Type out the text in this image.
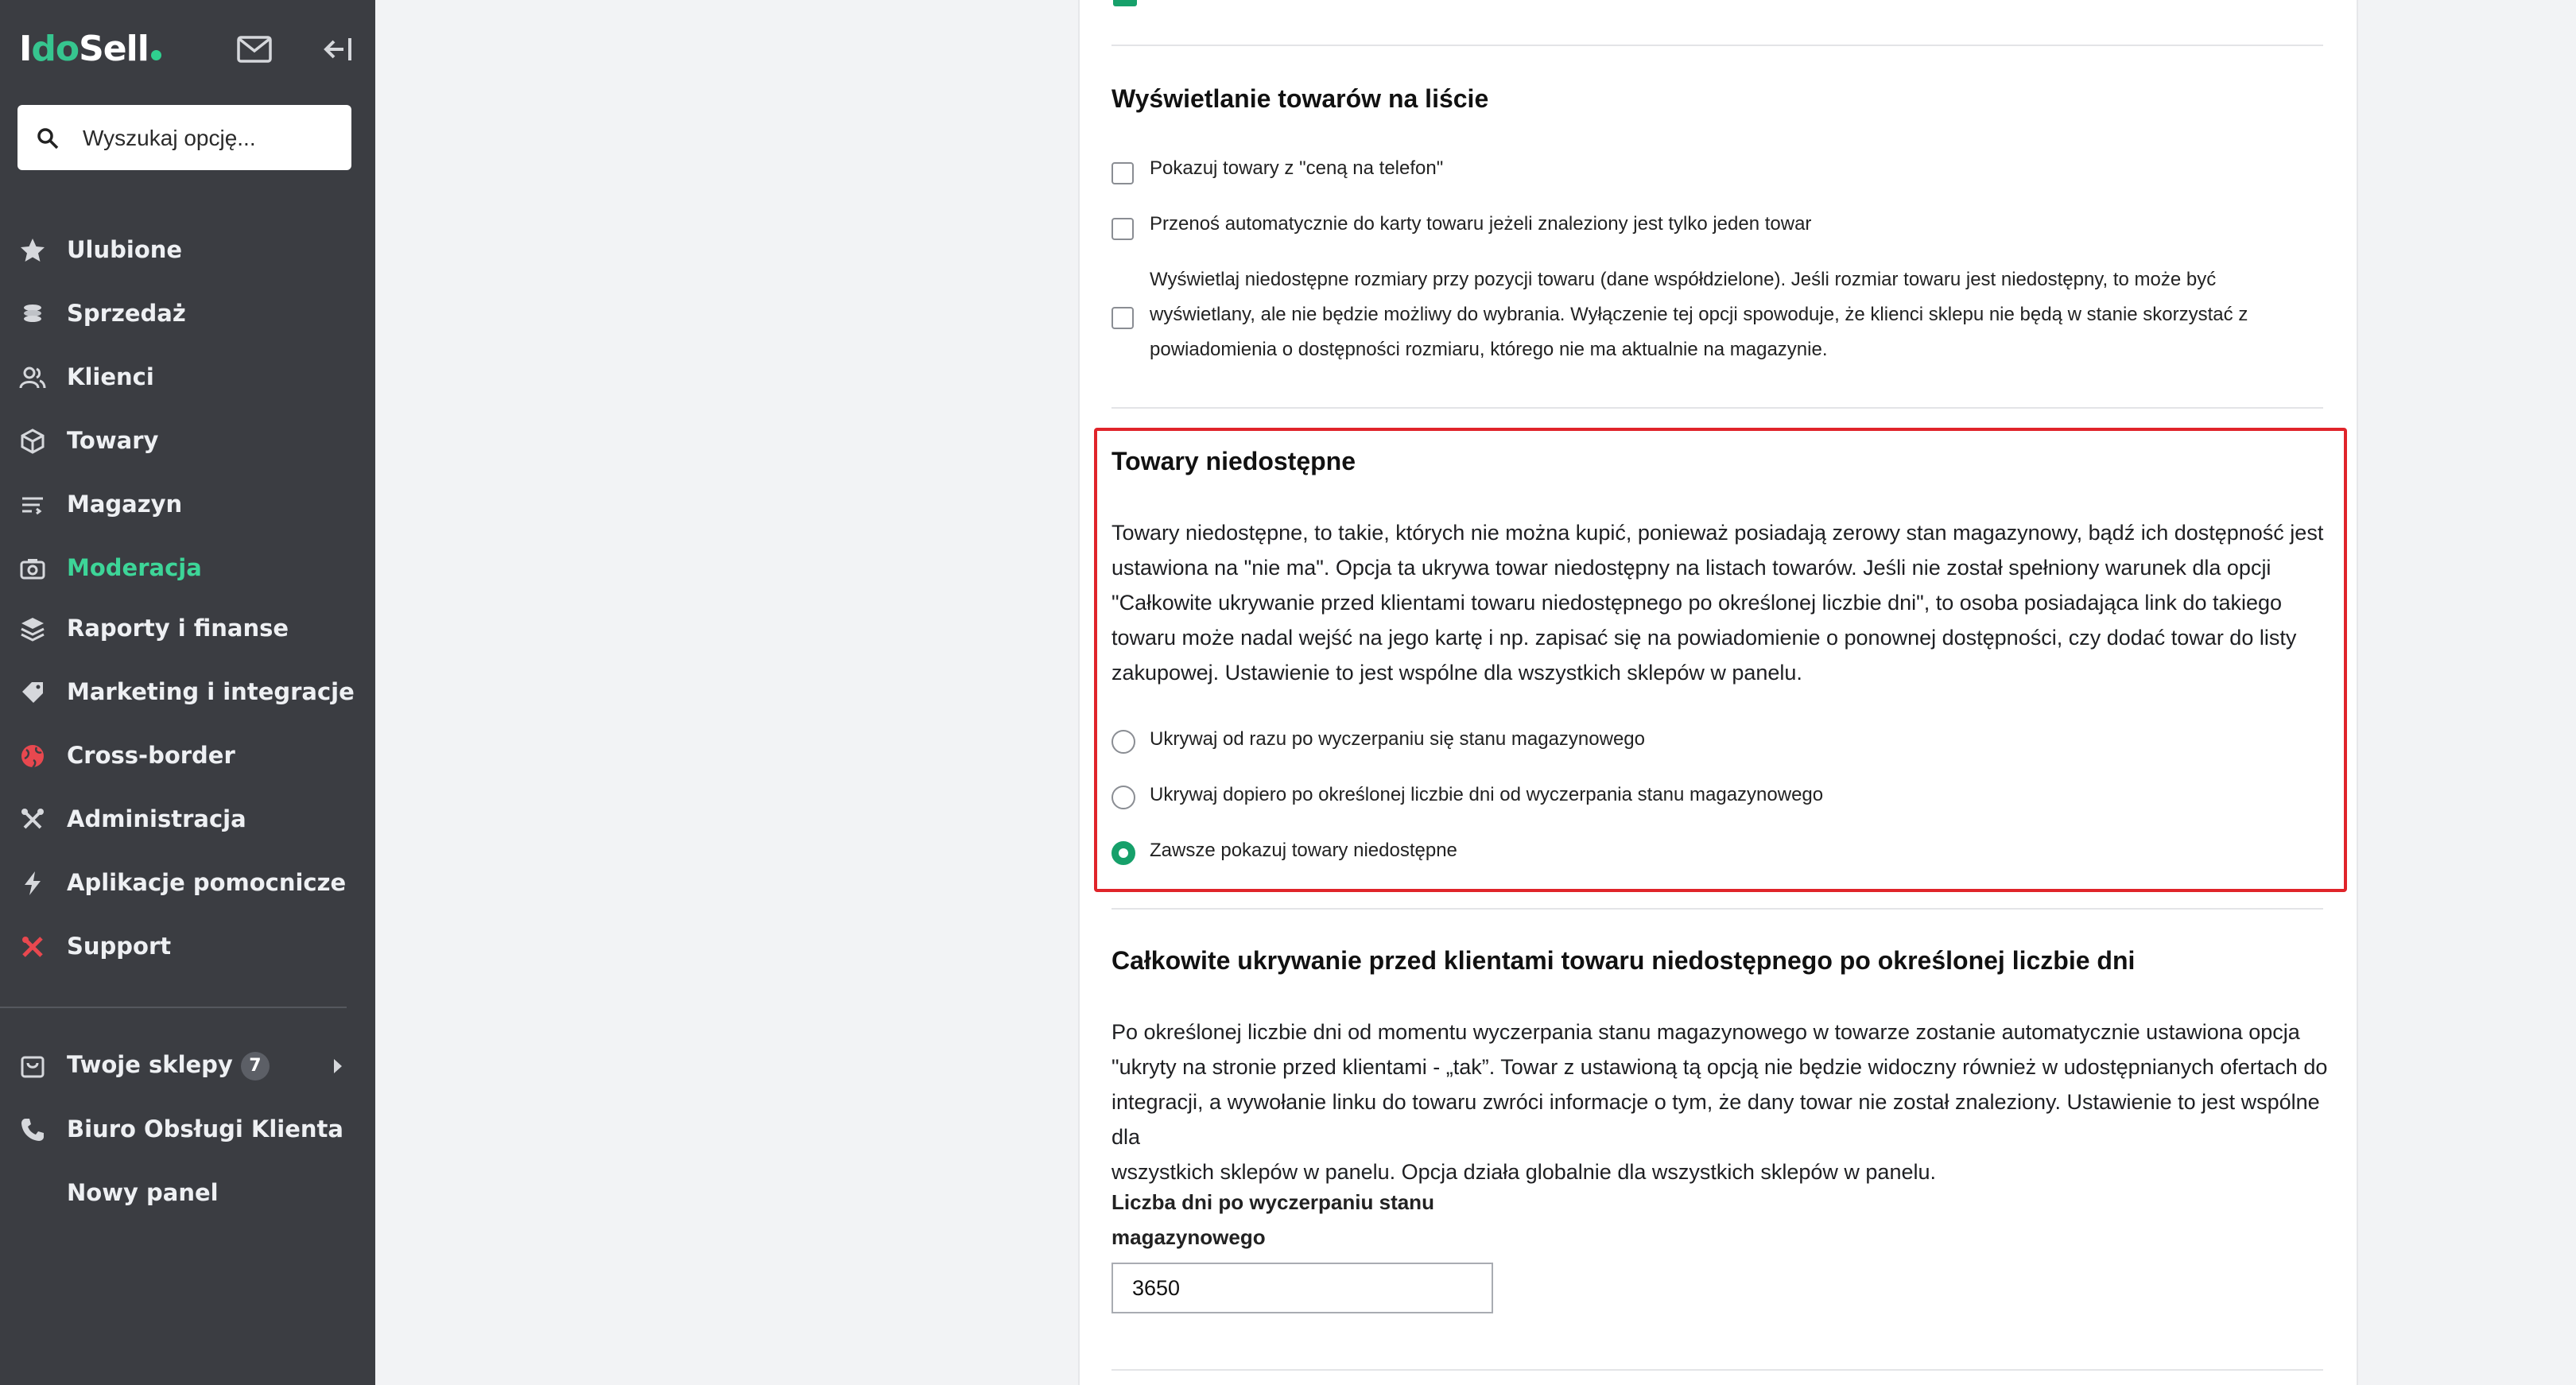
IdoSell
Wyszukaj opcję...
Ulubione
Sprzedaż
Klienci
Towary
Magazyn
Moderacja
Raporty i finanse
Marketing i integracje
Cross-border
Administracja
Aplikacje pomocnicze
Support
Twoje sklepy 7
Biuro Obsługi Klienta
Nowy panel
Wyświetlanie towarów na liście
Pokazuj towary z "ceną na telefon"
Przenoś automatycznie do karty towaru jeżeli znaleziony jest tylko jeden towar
Wyświetlaj niedostępne rozmiary przy pozycji towaru (dane współdzielone). Jeśli rozmiar towaru jest niedostępny, to może być
wyświetlany, ale nie będzie możliwy do wybrania. Wyłączenie tej opcji spowoduje, że klienci sklepu nie będą w stanie skorzystać z
powiadomienia o dostępności rozmiaru, którego nie ma aktualnie na magazynie.
Towary niedostępne
Towary niedostępne, to takie, których nie można kupić, ponieważ posiadają zerowy stan magazynowy, bądź ich dostępność jest
ustawiona na "nie ma". Opcja ta ukrywa towar niedostępny na listach towarów. Jeśli nie został spełniony warunek dla opcji
"Całkowite ukrywanie przed klientami towaru niedostępnego po określonej liczbie dni", to osoba posiadająca link do takiego
towaru może nadal wejść na jego kartę i np. zapisać się na powiadomienie o ponownej dostępności, czy dodać towar do listy
zakupowej. Ustawienie to jest wspólne dla wszystkich sklepów w panelu.
Ukrywaj od razu po wyczerpaniu się stanu magazynowego
Ukrywaj dopiero po określonej liczbie dni od wyczerpania stanu magazynowego
Zawsze pokazuj towary niedostępne
Całkowite ukrywanie przed klientami towaru niedostępnego po określonej liczbie dni
Po określonej liczbie dni od momentu wyczerpania stanu magazynowego w towarze zostanie automatycznie ustawiona opcja
"ukryty na stronie przed klientami - „tak”. Towar z ustawioną tą opcją nie będzie widoczny również w udostępnianych ofertach do
integracji, a wywołanie linku do towaru zwróci informacje o tym, że dany towar nie został znaleziony. Ustawienie to jest wspólne dla
wszystkich sklepów w panelu. Opcja działa globalnie dla wszystkich sklepów w panelu.
Liczba dni po wyczerpaniu stanu
magazynowego
3650
